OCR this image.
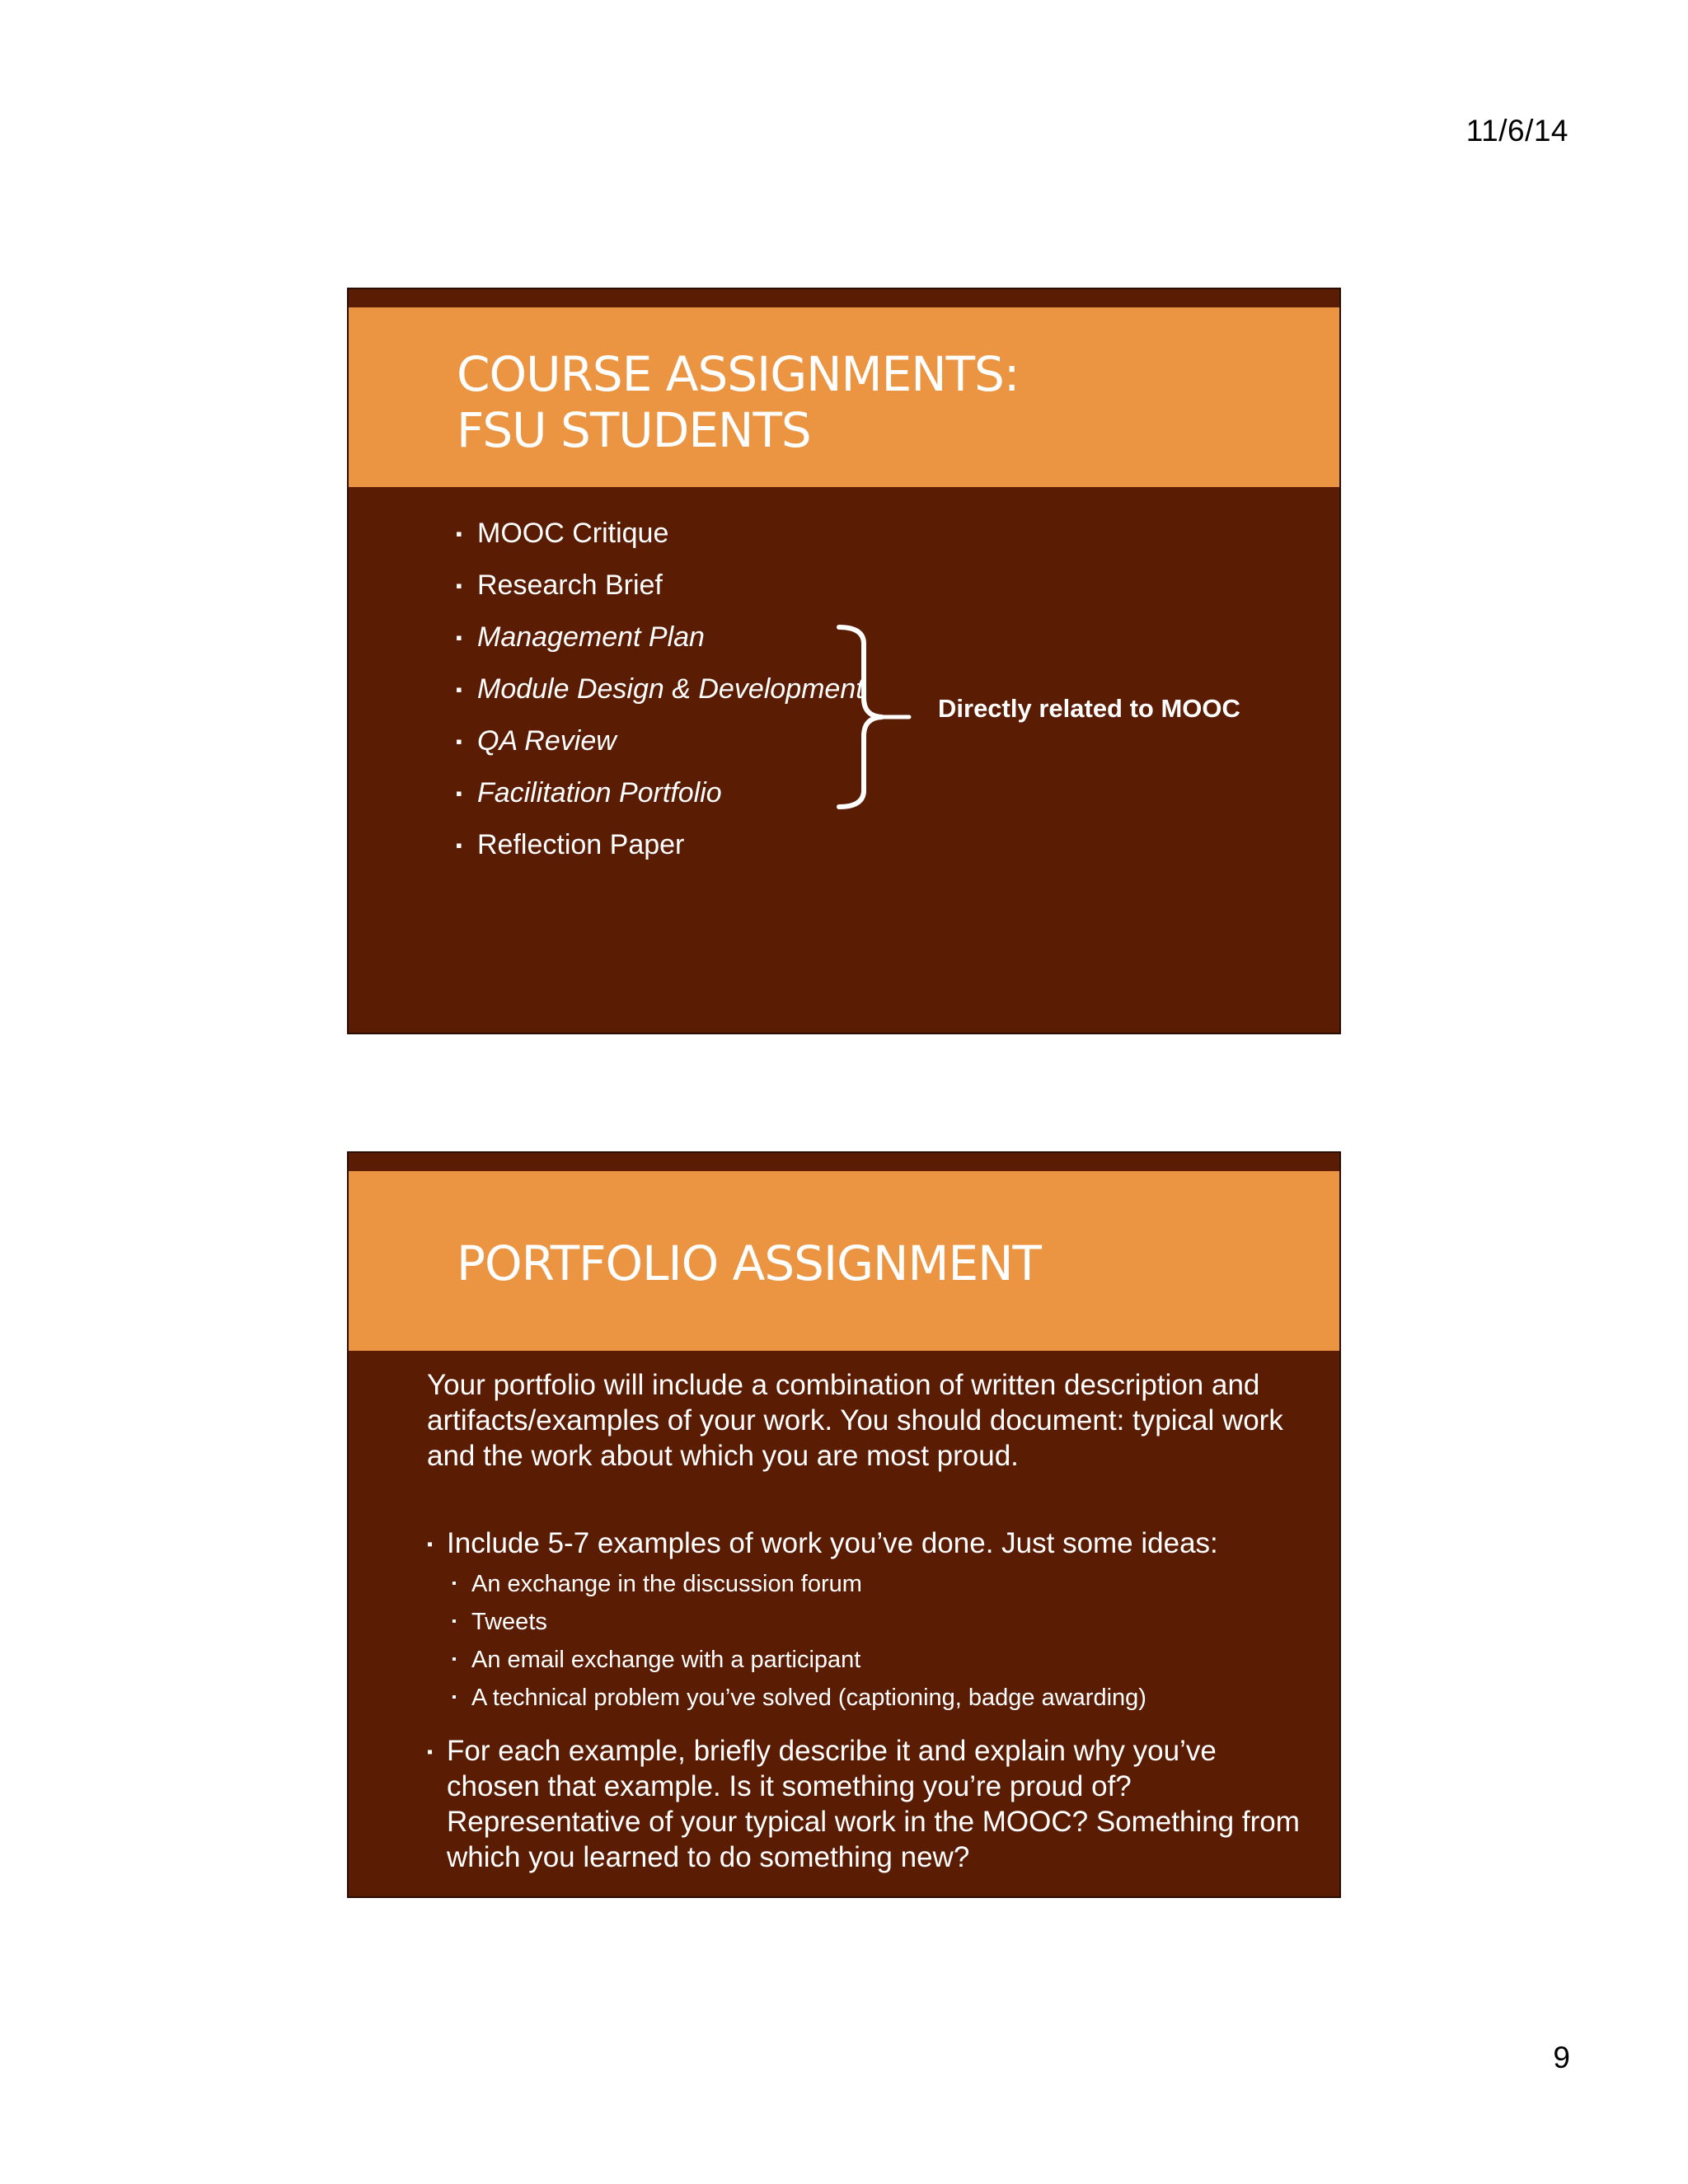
11/6/14
COURSE ASSIGNMENTS:
FSU STUDENTS
▪ MOOC Critique
▪ Research Brief
▪ Management Plan
▪ Module Design & Development
▪ QA Review
▪ Facilitation Portfolio
▪ Reflection Paper
Directly related to MOOC
PORTFOLIO ASSIGNMENT

Your portfolio will include a combination of written description and artifacts/examples of your work. You should document: typical work and the work about which you are most proud.

▪ Include 5-7 examples of work you’ve done. Just some ideas:
▪ An exchange in the discussion forum
▪ Tweets
▪ An email exchange with a participant
▪ A technical problem you’ve solved (captioning, badge awarding)
▪ For each example, briefly describe it and explain why you’ve chosen that example. Is it something you’re proud of? Representative of your typical work in the MOOC? Something from which you learned to do something new?
9
